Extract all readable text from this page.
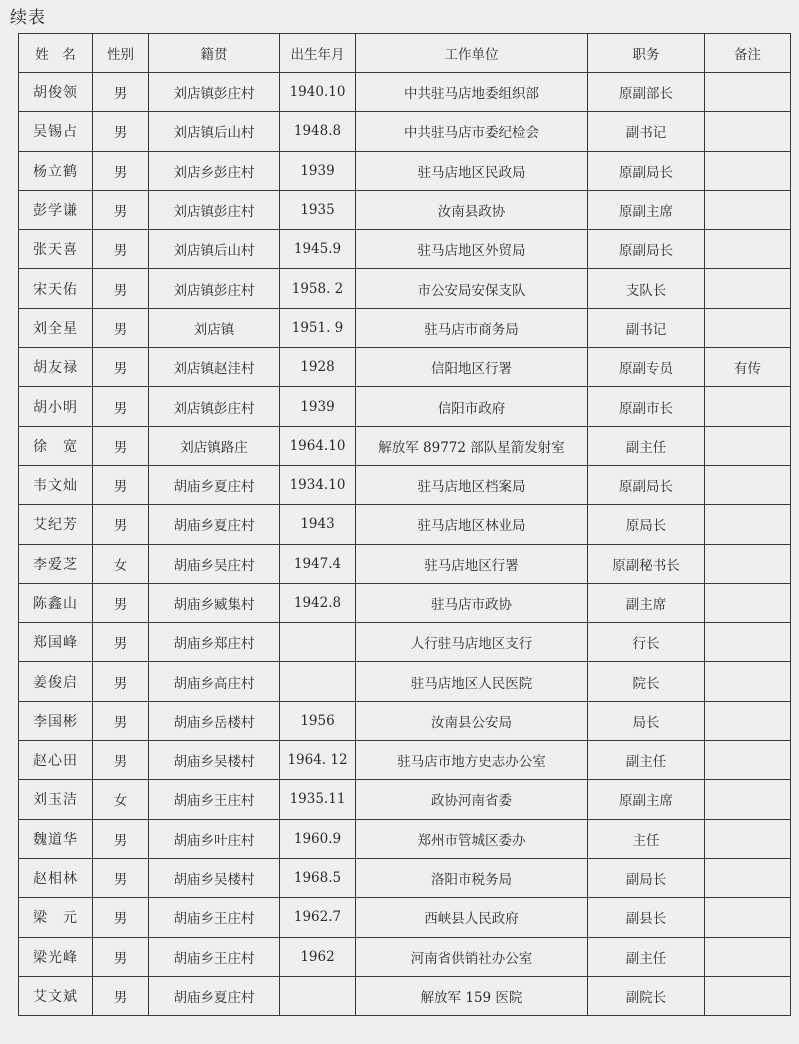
续表
姓　名	性别	籍贯	出生年月	工作单位	职务	备注
胡俊领	男	刘店镇彭庄村	1940.10	中共驻马店地委组织部	原副部长	
吴锡占	男	刘店镇后山村	1948.8	中共驻马店市委纪检会	副书记	
杨立鹤	男	刘店乡彭庄村	1939	驻马店地区民政局	原副局长	
彭学谦	男	刘店镇彭庄村	1935	汝南县政协	原副主席	
张天喜	男	刘店镇后山村	1945.9	驻马店地区外贸局	原副局长	
宋天佑	男	刘店镇彭庄村	1958. 2	市公安局安保支队	支队长	
刘全星	男	刘店镇	1951. 9	驻马店市商务局	副书记	
胡友禄	男	刘店镇赵洼村	1928	信阳地区行署	原副专员	有传
胡小明	男	刘店镇彭庄村	1939	信阳市政府	原副市长	
徐　宽	男	刘店镇路庄	1964.10	解放军 89772 部队星箭发射室	副主任	
韦文灿	男	胡庙乡夏庄村	1934.10	驻马店地区档案局	原副局长	
艾纪芳	男	胡庙乡夏庄村	1943	驻马店地区林业局	原局长	
李爱芝	女	胡庙乡吴庄村	1947.4	驻马店地区行署	原副秘书长	
陈鑫山	男	胡庙乡臧集村	1942.8	驻马店市政协	副主席	
郑国峰	男	胡庙乡郑庄村		人行驻马店地区支行	行长	
姜俊启	男	胡庙乡高庄村		驻马店地区人民医院	院长	
李国彬	男	胡庙乡岳楼村	1956	汝南县公安局	局长	
赵心田	男	胡庙乡吴楼村	1964. 12	驻马店市地方史志办公室	副主任	
刘玉洁	女	胡庙乡王庄村	1935.11	政协河南省委	原副主席	
魏道华	男	胡庙乡叶庄村	1960.9	郑州市管城区委办	主任	
赵相林	男	胡庙乡吴楼村	1968.5	洛阳市税务局	副局长	
梁　元	男	胡庙乡王庄村	1962.7	西峡县人民政府	副县长	
梁光峰	男	胡庙乡王庄村	1962	河南省供销社办公室	副主任	
艾文斌	男	胡庙乡夏庄村		解放军 159 医院	副院长	
